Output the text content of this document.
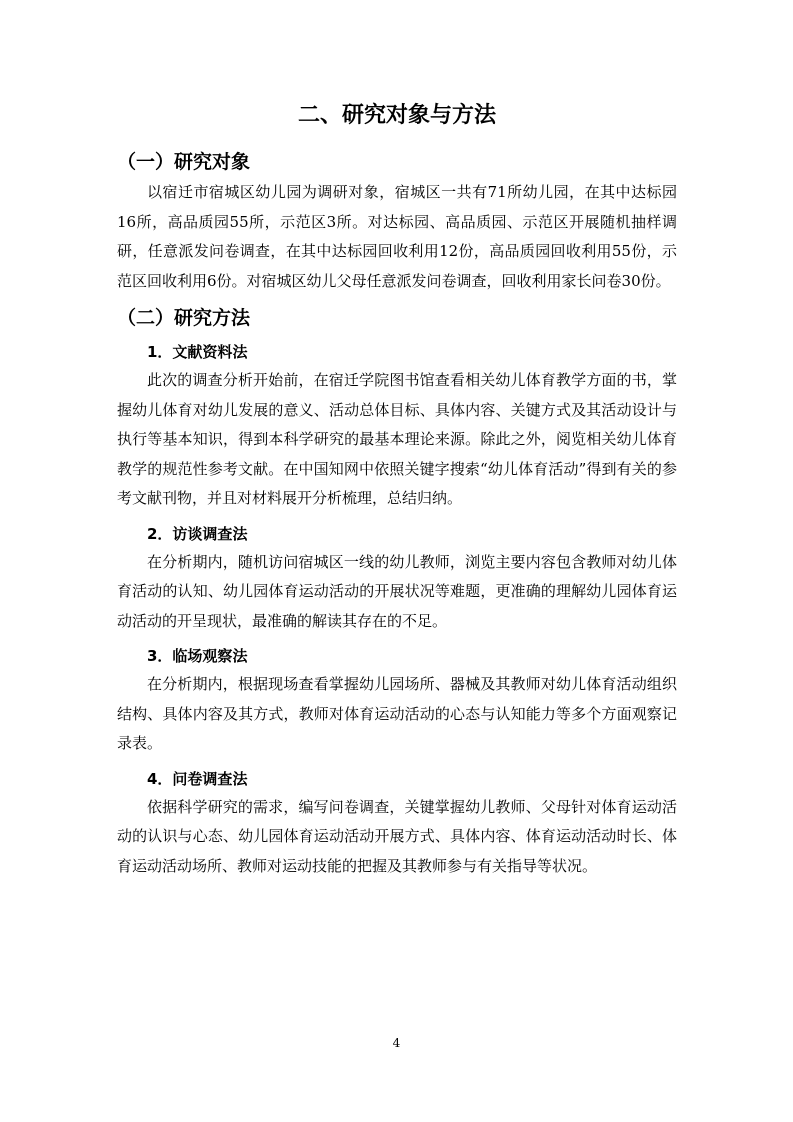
二、研究对象与方法
（一）研究对象

以宿迁市宿城区幼儿园为调研对象，宿城区一共有71所幼儿园，在其中达标园16所，高品质园55所，示范区3所。对达标园、高品质园、示范区开展随机抽样调研，任意派发问卷调查，在其中达标园回收利用12份，高品质园回收利用55份，示范区回收利用6份。对宿城区幼儿父母任意派发问卷调查，回收利用家长问卷30份。

（二）研究方法
1．文献资料法

此次的调查分析开始前，在宿迁学院图书馆查看相关幼儿体育教学方面的书，掌握幼儿体育对幼儿发展的意义、活动总体目标、具体内容、关键方式及其活动设计与执行等基本知识，得到本科学研究的最基本理论来源。除此之外，阅览相关幼儿体育教学的规范性参考文献。在中国知网中依照关键字搜索“幼儿体育活动”得到有关的参考文献刊物，并且对材料展开分析梳理，总结归纳。

2．访谈调查法

在分析期内，随机访问宿城区一线的幼儿教师，浏览主要内容包含教师对幼儿体育活动的认知、幼儿园体育运动活动的开展状况等难题，更准确的理解幼儿园体育运动活动的开呈现状，最准确的解读其存在的不足。

3．临场观察法

在分析期内，根据现场查看掌握幼儿园场所、器械及其教师对幼儿体育活动组织结构、具体内容及其方式，教师对体育运动活动的心态与认知能力等多个方面观察记录表。

4．问卷调查法

依据科学研究的需求，编写问卷调查，关键掌握幼儿教师、父母针对体育运动活动的认识与心态、幼儿园体育运动活动开展方式、具体内容、体育运动活动时长、体育运动活动场所、教师对运动技能的把握及其教师参与有关指导等状况。

4
